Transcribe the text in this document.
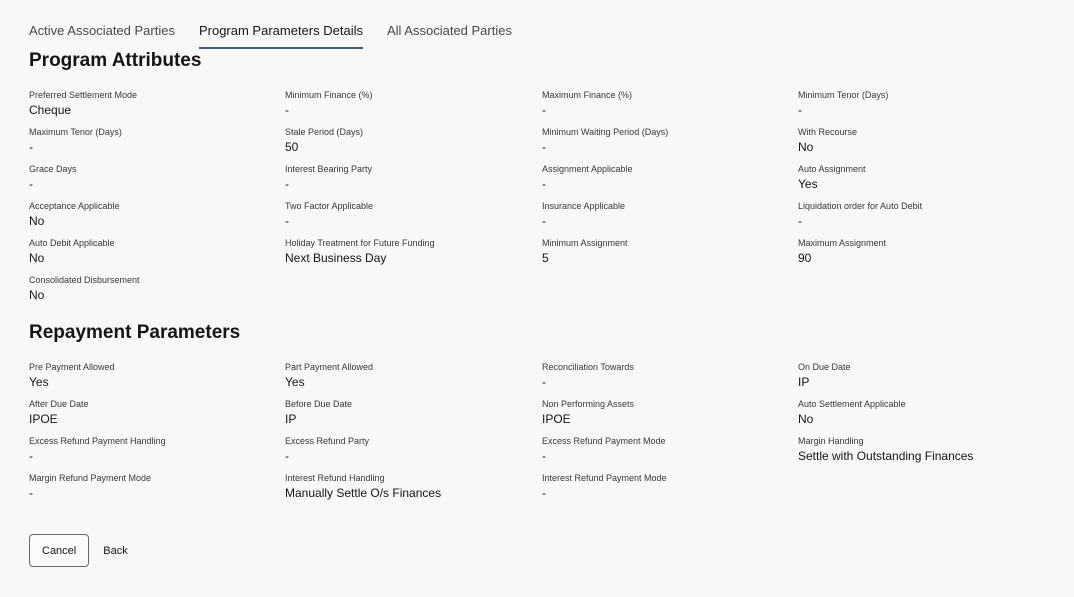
Active Associated Parties Program Parameters Details All Associated Parties
Program Attributes
Preferred Settlement Mode
Cheque
Minimum Finance (%)
-
Maximum Finance (%)
-
Minimum Tenor (Days)
-
Maximum Tenor (Days)
-
Stale Period (Days)
50
Minimum Waiting Period (Days)
-
With Recourse
No
Grace Days
-
Interest Bearing Party
-
Assignment Applicable
-
Auto Assignment
Yes
Acceptance Applicable
No
Two Factor Applicable
-
Insurance Applicable
-
Liquidation order for Auto Debit
-
Auto Debit Applicable
No
Holiday Treatment for Future Funding
Next Business Day
Minimum Assignment
5
Maximum Assignment
90
Consolidated Disbursement
No
Repayment Parameters
Pre Payment Allowed
Yes
Part Payment Allowed
Yes
Reconciliation Towards
-
On Due Date
IP
After Due Date
IPOE
Before Due Date
IP
Non Performing Assets
IPOE
Auto Settlement Applicable
No
Excess Refund Payment Handling
-
Excess Refund Party
-
Excess Refund Payment Mode
-
Margin Handling
Settle with Outstanding Finances
Margin Refund Payment Mode
-
Interest Refund Handling
Manually Settle O/s Finances
Interest Refund Payment Mode
-
Cancel	Back
